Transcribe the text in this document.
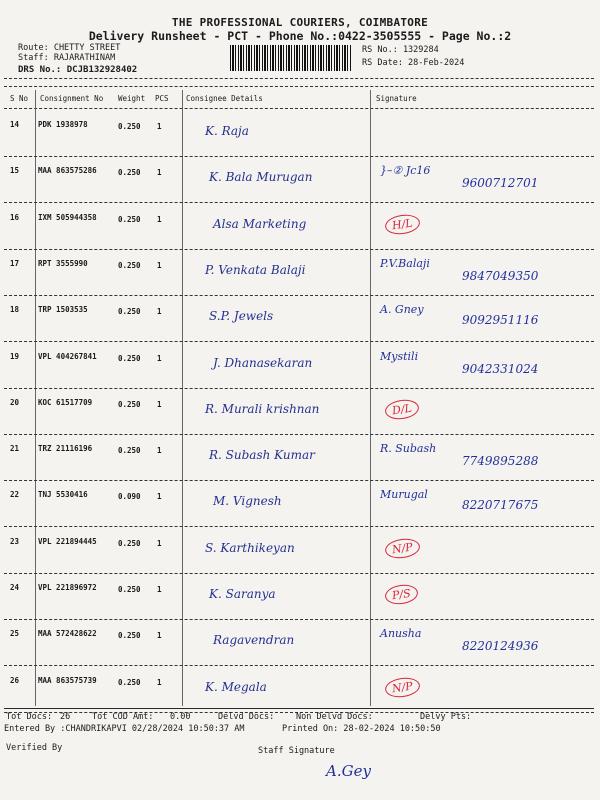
THE PROFESSIONAL COURIERS, COIMBATORE
Delivery Runsheet - PCT - Phone No.:0422-3505555 - Page No.:2
Route: CHETTY STREET
Staff: RAJARATHINAM
DRS No.: DCJB132928402
RS No.: 1329284
RS Date: 28-Feb-2024
S No Consignment No Weight PCS Consignee Details	Signature
14	PDK 1938978	0.250 1	K. Raja
15	MAA 863575286	0.250 1	K. Bala Murugan	}–② Jc16
9600712701
16	IXM 505944358	0.250 1	Alsa Marketing	H/L
17	RPT 3555990	0.250 1	P. Venkata Balaji	P.V.Balaji
9847049350
18	TRP 1503535	0.250 1	S.P. Jewels	A. Gney
9092951116
19	VPL 404267841	0.250 1	J. Dhanasekaran	Mystili
9042331024
20	KOC 61517709	0.250 1	R. Murali krishnan	D/L
21	TRZ 21116196	0.250 1	R. Subash Kumar	R. Subash
7749895288
22	TNJ 5530416	0.090 1	M. Vignesh	Murugal
8220717675
23	VPL 221894445	0.250 1	S. Karthikeyan	N/P
24	VPL 221896972	0.250 1	K. Saranya	P/S
25	MAA 572428622	0.250 1	Ragavendran	Anusha
8220124936
26	MAA 863575739	0.250 1	K. Megala	N/P
Tot Docs: 26	Tot COD Amt: 0.00	Delvd Docs:	Non Delvd Docs:	Delvy Pts:
Entered By :CHANDRIKAPVI 02/28/2024 10:50:37 AM	Printed On: 28-02-2024 10:50:50
Verified By	Staff Signature
A.Gey
